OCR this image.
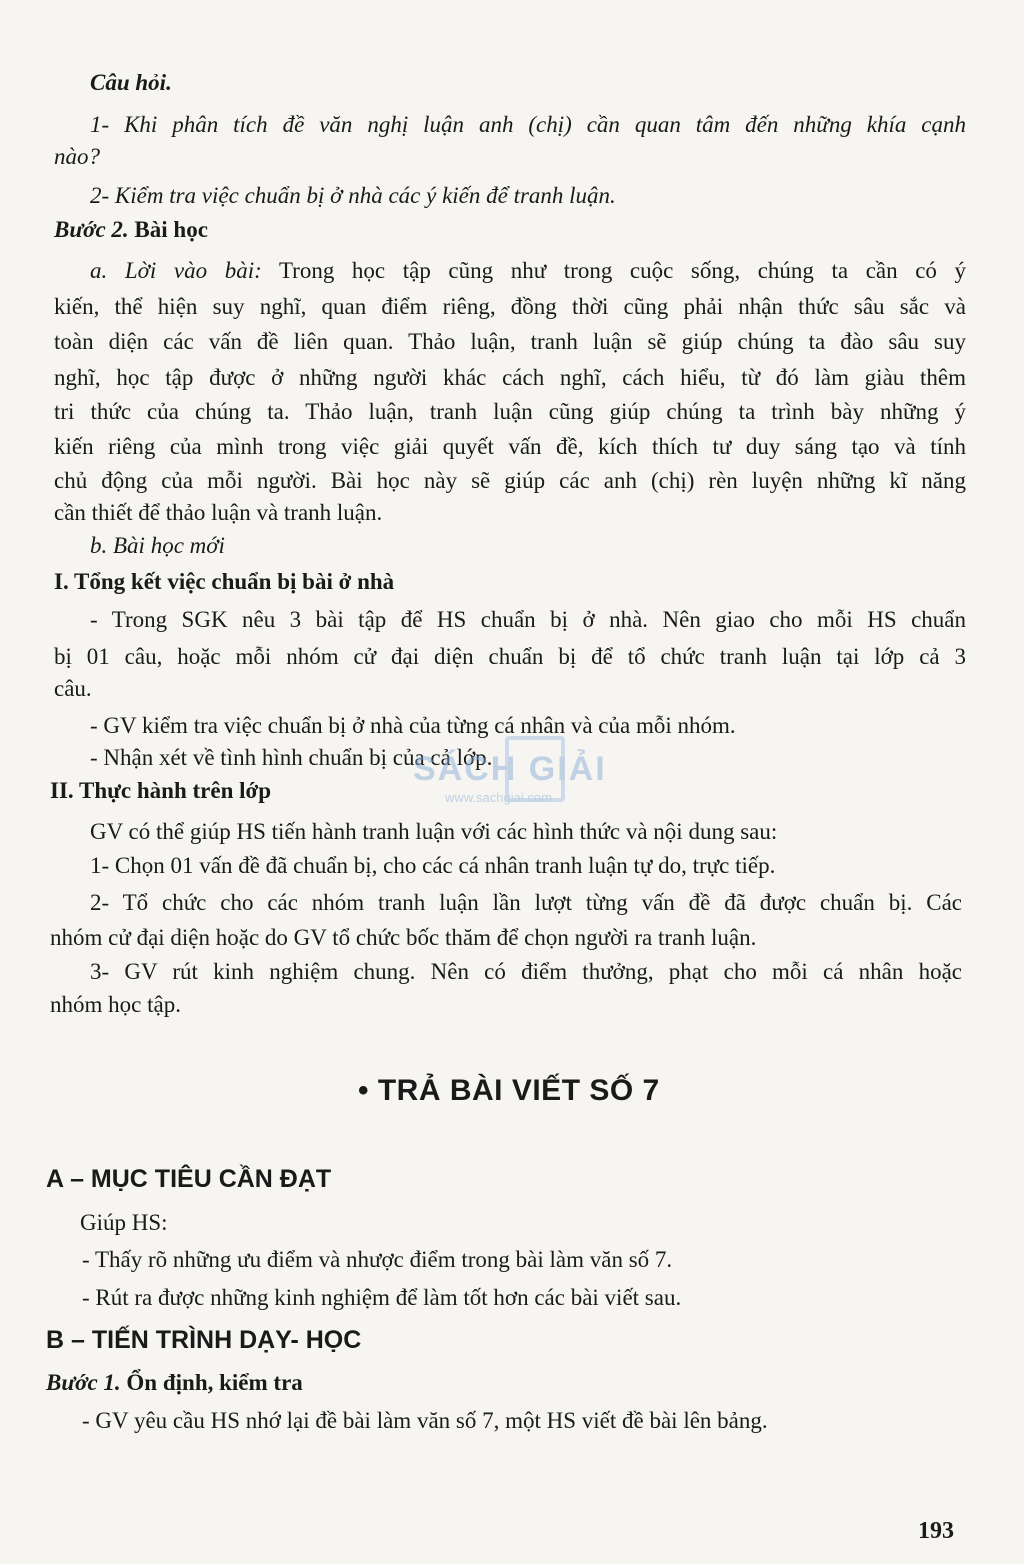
Câu hỏi.
1- Khi phân tích đề văn nghị luận anh (chị) cần quan tâm đến những khía cạnh
nào?
2- Kiểm tra việc chuẩn bị ở nhà các ý kiến để tranh luận.
Bước 2. Bài học
a. Lời vào bài: Trong học tập cũng như trong cuộc sống, chúng ta cần có ý
kiến, thể hiện suy nghĩ, quan điểm riêng, đồng thời cũng phải nhận thức sâu sắc và
toàn diện các vấn đề liên quan. Thảo luận, tranh luận sẽ giúp chúng ta đào sâu suy
nghĩ, học tập được ở những người khác cách nghĩ, cách hiểu, từ đó làm giàu thêm
tri thức của chúng ta. Thảo luận, tranh luận cũng giúp chúng ta trình bày những ý
kiến riêng của mình trong việc giải quyết vấn đề, kích thích tư duy sáng tạo và tính
chủ động của mỗi người. Bài học này sẽ giúp các anh (chị) rèn luyện những kĩ năng
cần thiết để thảo luận và tranh luận.
b. Bài học mới
I. Tổng kết việc chuẩn bị bài ở nhà
- Trong SGK nêu 3 bài tập để HS chuẩn bị ở nhà. Nên giao cho mỗi HS chuẩn
bị 01 câu, hoặc mỗi nhóm cử đại diện chuẩn bị để tổ chức tranh luận tại lớp cả 3
câu.
- GV kiểm tra việc chuẩn bị ở nhà của từng cá nhân và của mỗi nhóm.
- Nhận xét về tình hình chuẩn bị của cả lớp.
II. Thực hành trên lớp
GV có thể giúp HS tiến hành tranh luận với các hình thức và nội dung sau:
1- Chọn 01 vấn đề đã chuẩn bị, cho các cá nhân tranh luận tự do, trực tiếp.
2- Tổ chức cho các nhóm tranh luận lần lượt từng vấn đề đã được chuẩn bị. Các
nhóm cử đại diện hoặc do GV tổ chức bốc thăm để chọn người ra tranh luận.
3- GV rút kinh nghiệm chung. Nên có điểm thưởng, phạt cho mỗi cá nhân hoặc
nhóm học tập.
• TRẢ BÀI VIẾT SỐ 7
A – MỤC TIÊU CẦN ĐẠT
Giúp HS:
- Thấy rõ những ưu điểm và nhược điểm trong bài làm văn số 7.
- Rút ra được những kinh nghiệm để làm tốt hơn các bài viết sau.
B – TIẾN TRÌNH DẠY- HỌC
Bước 1. Ổn định, kiểm tra
- GV yêu cầu HS nhớ lại đề bài làm văn số 7, một HS viết đề bài lên bảng.
SÁCH GIẢI
www.sachgiai.com
193
